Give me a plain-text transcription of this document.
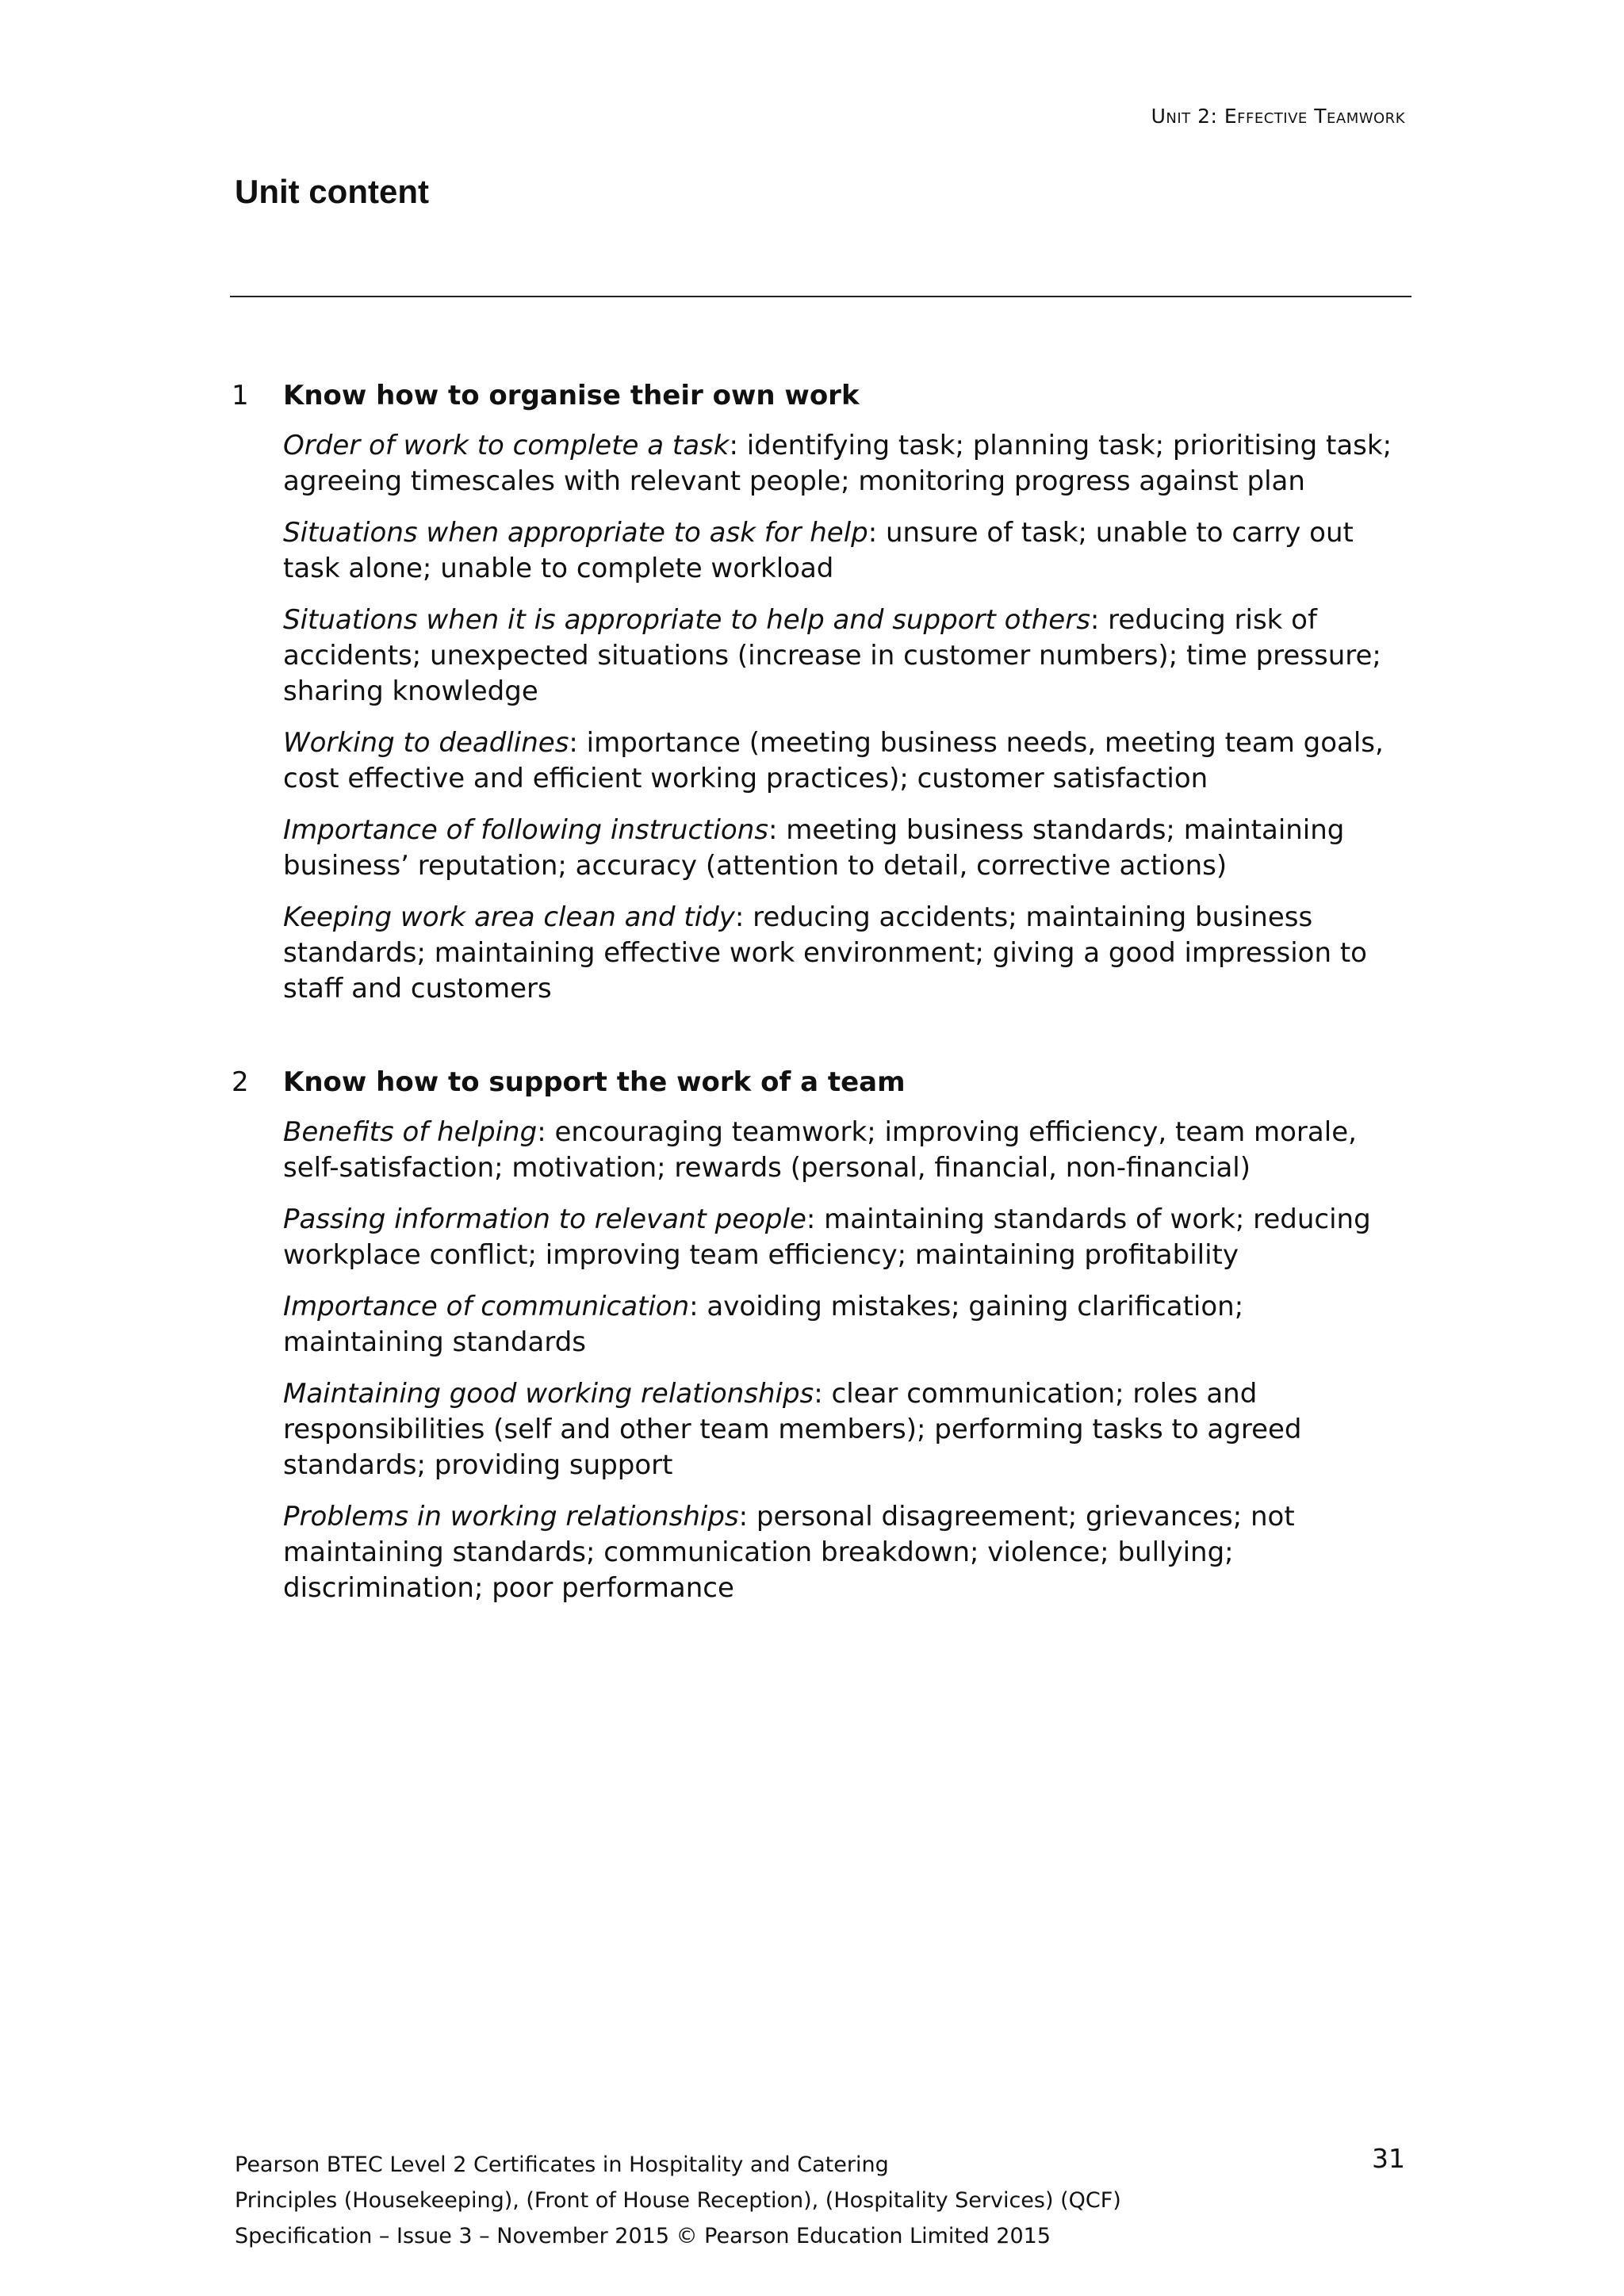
Unit 2: Effective Teamwork
Unit content
1	Know how to organise their own work
Order of work to complete a task: identifying task; planning task; prioritising task; agreeing timescales with relevant people; monitoring progress against plan
Situations when appropriate to ask for help: unsure of task; unable to carry out task alone; unable to complete workload
Situations when it is appropriate to help and support others: reducing risk of accidents; unexpected situations (increase in customer numbers); time pressure; sharing knowledge
Working to deadlines: importance (meeting business needs, meeting team goals, cost effective and efficient working practices); customer satisfaction
Importance of following instructions: meeting business standards; maintaining business’ reputation; accuracy (attention to detail, corrective actions)
Keeping work area clean and tidy: reducing accidents; maintaining business standards; maintaining effective work environment; giving a good impression to staff and customers
2	Know how to support the work of a team
Benefits of helping: encouraging teamwork; improving efficiency, team morale, self-satisfaction; motivation; rewards (personal, financial, non-financial)
Passing information to relevant people: maintaining standards of work; reducing workplace conflict; improving team efficiency; maintaining profitability
Importance of communication: avoiding mistakes; gaining clarification; maintaining standards
Maintaining good working relationships: clear communication; roles and responsibilities (self and other team members); performing tasks to agreed standards; providing support
Problems in working relationships: personal disagreement; grievances; not maintaining standards; communication breakdown; violence; bullying; discrimination; poor performance
Pearson BTEC Level 2 Certificates in Hospitality and Catering
Principles (Housekeeping), (Front of House Reception), (Hospitality Services) (QCF)
Specification – Issue 3 – November 2015 © Pearson Education Limited 2015
31
